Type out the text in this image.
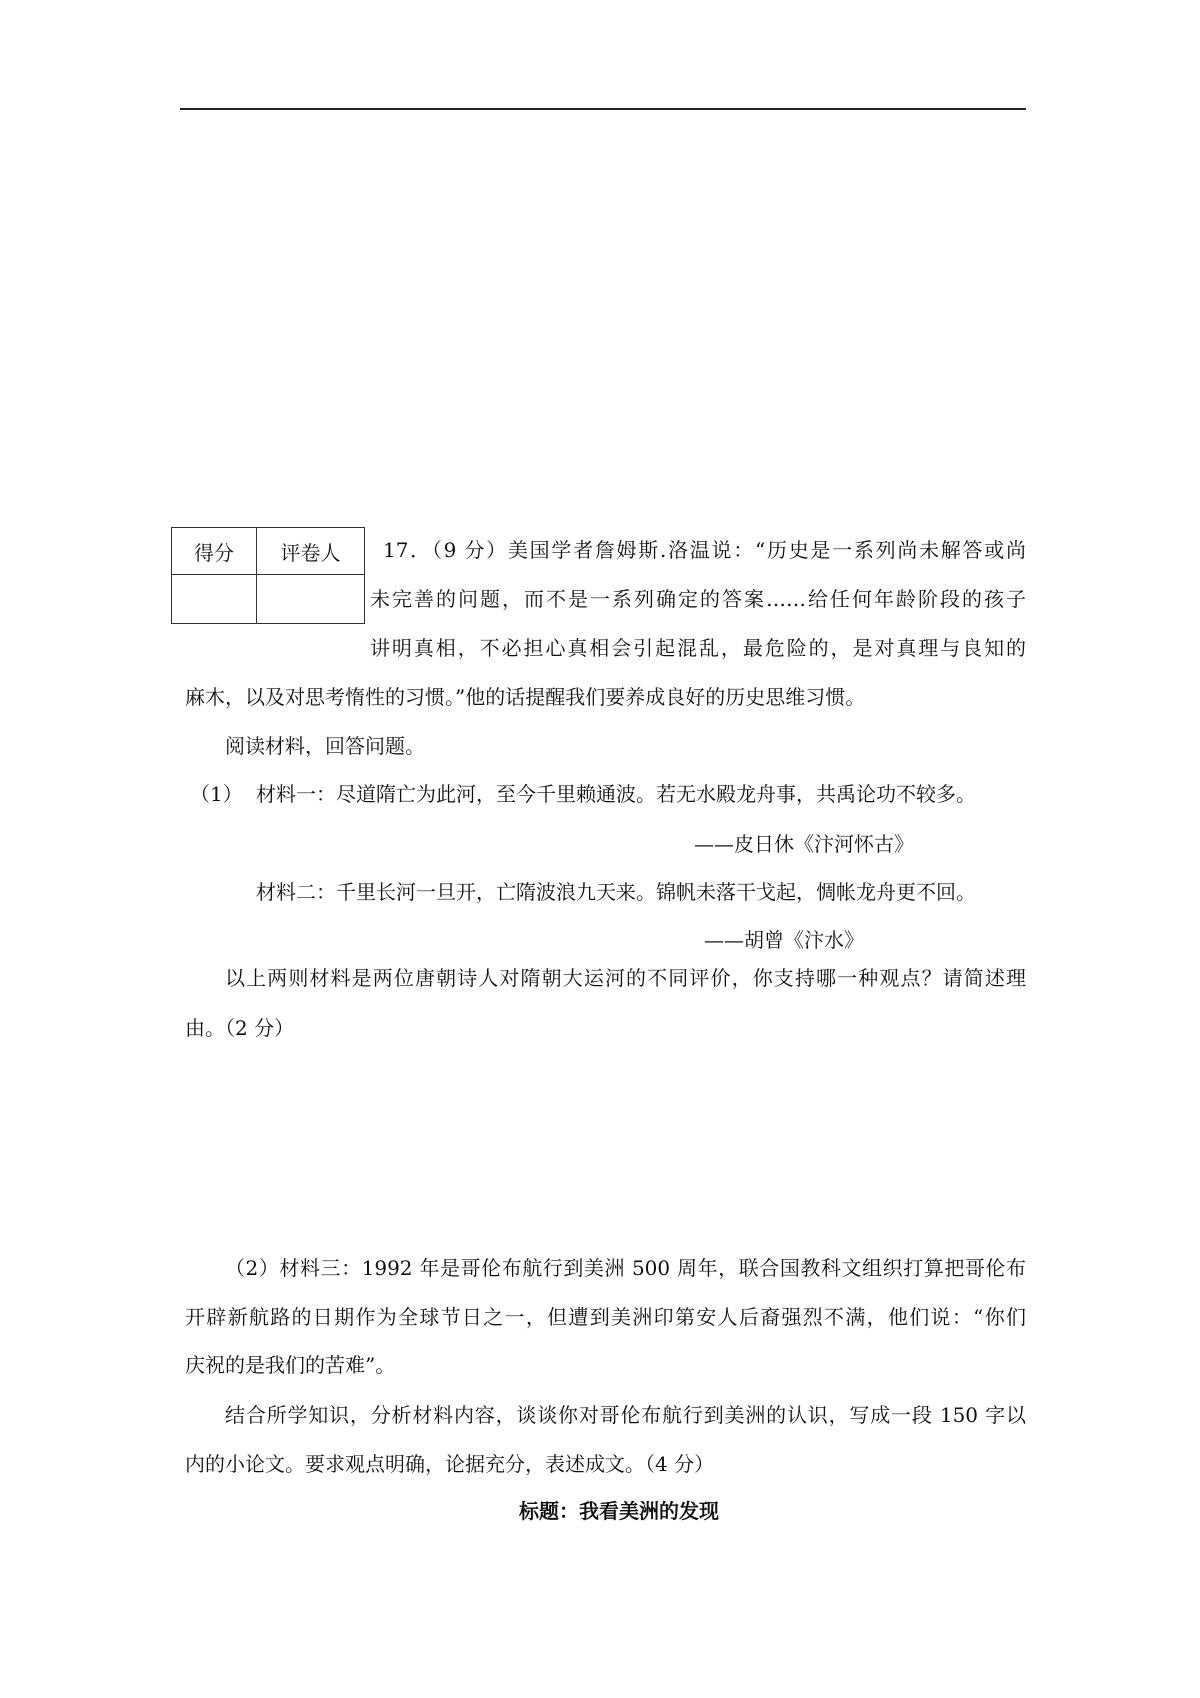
得分	评卷人
	17．（9 分）美国学者詹姆斯.洛温说：“历史是一系列尚未解答或尚
未完善的问题，而不是一系列确定的答案……给任何年龄阶段的孩子
讲明真相，不必担心真相会引起混乱，最危险的，是对真理与良知的
麻木，以及对思考惰性的习惯。”他的话提醒我们要养成良好的历史思维习惯。
阅读材料，回答问题。
（1） 材料一：尽道隋亡为此河，至今千里赖通波。若无水殿龙舟事，共禹论功不较多。
——皮日休《汴河怀古》
材料二：千里长河一旦开，亡隋波浪九天来。锦帆未落干戈起，惆帐龙舟更不回。
——胡曾《汴水》
以上两则材料是两位唐朝诗人对隋朝大运河的不同评价，你支持哪一种观点？请简述理
由。（2 分）
（2）材料三：1992 年是哥伦布航行到美洲 500 周年，联合国教科文组织打算把哥伦布
开辟新航路的日期作为全球节日之一，但遭到美洲印第安人后裔强烈不满，他们说：“你们
庆祝的是我们的苦难”。
结合所学知识，分析材料内容，谈谈你对哥伦布航行到美洲的认识，写成一段 150 字以
内的小论文。要求观点明确，论据充分，表述成文。（4 分）
标题：我看美洲的发现
